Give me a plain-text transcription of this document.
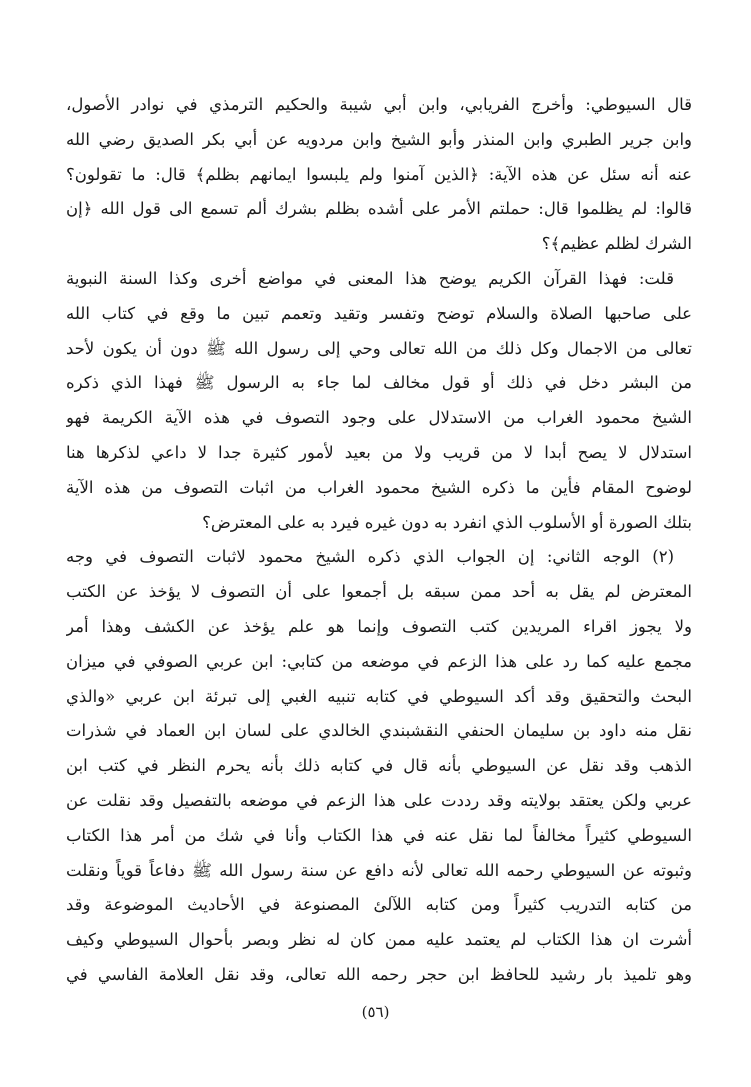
قال السيوطي: وأخرج الفريابي، وابن أبي شيبة والحكيم الترمذي في نوادر الأصول،
وابن جرير الطبري وابن المنذر وأبو الشيخ وابن مردويه عن أبي بكر الصديق رضي الله
عنه أنه سئل عن هذه الآية: ﴿الذين آمنوا ولم يلبسوا ايمانهم بظلم﴾ قال: ما تقولون؟
قالوا: لم يظلموا قال: حملتم الأمر على أشده بظلم بشرك ألم تسمع الى قول الله ﴿إن
الشرك لظلم عظيم﴾؟
قلت: فهذا القرآن الكريم يوضح هذا المعنى في مواضع أخرى وكذا السنة النبوية
على صاحبها الصلاة والسلام توضح وتفسر وتقيد وتعمم تبين ما وقع في كتاب الله
تعالى من الاجمال وكل ذلك من الله تعالى وحي إلى رسول الله ﷺ دون أن يكون لأحد
من البشر دخل في ذلك أو قول مخالف لما جاء به الرسول ﷺ فهذا الذي ذكره
الشيخ محمود الغراب من الاستدلال على وجود التصوف في هذه الآية الكريمة فهو
استدلال لا يصح أبدا لا من قريب ولا من بعيد لأمور كثيرة جدا لا داعي لذكرها هنا
لوضوح المقام فأين ما ذكره الشيخ محمود الغراب من اثبات التصوف من هذه الآية
بتلك الصورة أو الأسلوب الذي انفرد به دون غيره فيرد به على المعترض؟
(٢) الوجه الثاني: إن الجواب الذي ذكره الشيخ محمود لاثبات التصوف في وجه
المعترض لم يقل به أحد ممن سبقه بل أجمعوا على أن التصوف لا يؤخذ عن الكتب
ولا يجوز اقراء المريدين كتب التصوف وإنما هو علم يؤخذ عن الكشف وهذا أمر
مجمع عليه كما رد على هذا الزعم في موضعه من كتابي: ابن عربي الصوفي في ميزان
البحث والتحقيق وقد أكد السيوطي في كتابه تنبيه الغبي إلى تبرئة ابن عربي «والذي
نقل منه داود بن سليمان الحنفي النقشبندي الخالدي على لسان ابن العماد في شذرات
الذهب وقد نقل عن السيوطي بأنه قال في كتابه ذلك بأنه يحرم النظر في كتب ابن
عربي ولكن يعتقد بولايته وقد رددت على هذا الزعم في موضعه بالتفصيل وقد نقلت عن
السيوطي كثيراً مخالفاً لما نقل عنه في هذا الكتاب وأنا في شك من أمر هذا الكتاب
وثبوته عن السيوطي رحمه الله تعالى لأنه دافع عن سنة رسول الله ﷺ دفاعاً قوياً ونقلت
من كتابه التدريب كثيراً ومن كتابه اللآلئ المصنوعة في الأحاديث الموضوعة وقد
أشرت ان هذا الكتاب لم يعتمد عليه ممن كان له نظر وبصر بأحوال السيوطي وكيف
وهو تلميذ بار رشيد للحافظ ابن حجر رحمه الله تعالى، وقد نقل العلامة الفاسي في
(٥٦)
